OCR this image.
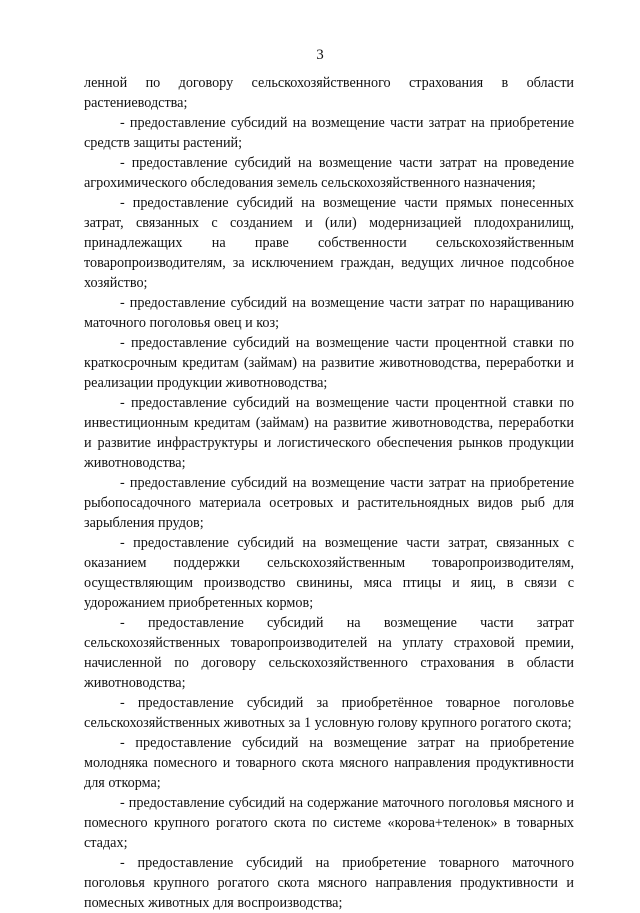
3

ленной по договору сельскохозяйственного страхования в области растениеводства;

- предоставление субсидий на возмещение части затрат на приобретение средств защиты растений;

- предоставление субсидий на возмещение части затрат на проведение агрохимического обследования земель сельскохозяйственного назначения;

- предоставление субсидий на возмещение части прямых понесенных затрат, связанных с созданием и (или) модернизацией плодохранилищ, принадлежащих на праве собственности сельскохозяйственным товаропроизводителям, за исключением граждан, ведущих личное подсобное хозяйство;

- предоставление субсидий на возмещение части затрат по наращиванию маточного поголовья овец и коз;

- предоставление субсидий на возмещение части процентной ставки по краткосрочным кредитам (займам) на развитие животноводства, переработки и реализации продукции животноводства;

- предоставление субсидий на возмещение части процентной ставки по инвестиционным кредитам (займам) на развитие животноводства, переработки и развитие инфраструктуры и логистического обеспечения рынков продукции животноводства;

- предоставление субсидий на возмещение части затрат на приобретение рыбопосадочного материала осетровых и растительноядных видов рыб для зарыбления прудов;

- предоставление субсидий на возмещение части затрат, связанных с оказанием поддержки сельскохозяйственным товаропроизводителям, осуществляющим производство свинины, мяса птицы и яиц, в связи с удорожанием приобретенных кормов;

- предоставление субсидий на возмещение части затрат сельскохозяйственных товаропроизводителей на уплату страховой премии, начисленной по договору сельскохозяйственного страхования в области животноводства;

- предоставление субсидий за приобретённое товарное поголовье сельскохозяйственных животных за 1 условную голову крупного рогатого скота;

- предоставление субсидий на возмещение затрат на приобретение молодняка помесного и товарного скота мясного направления продуктивности для откорма;

- предоставление субсидий на содержание маточного поголовья мясного и помесного крупного рогатого скота по системе «корова+теленок» в товарных стадах;

- предоставление субсидий на приобретение товарного маточного поголовья крупного рогатого скота мясного направления продуктивности и помесных животных для воспроизводства;
